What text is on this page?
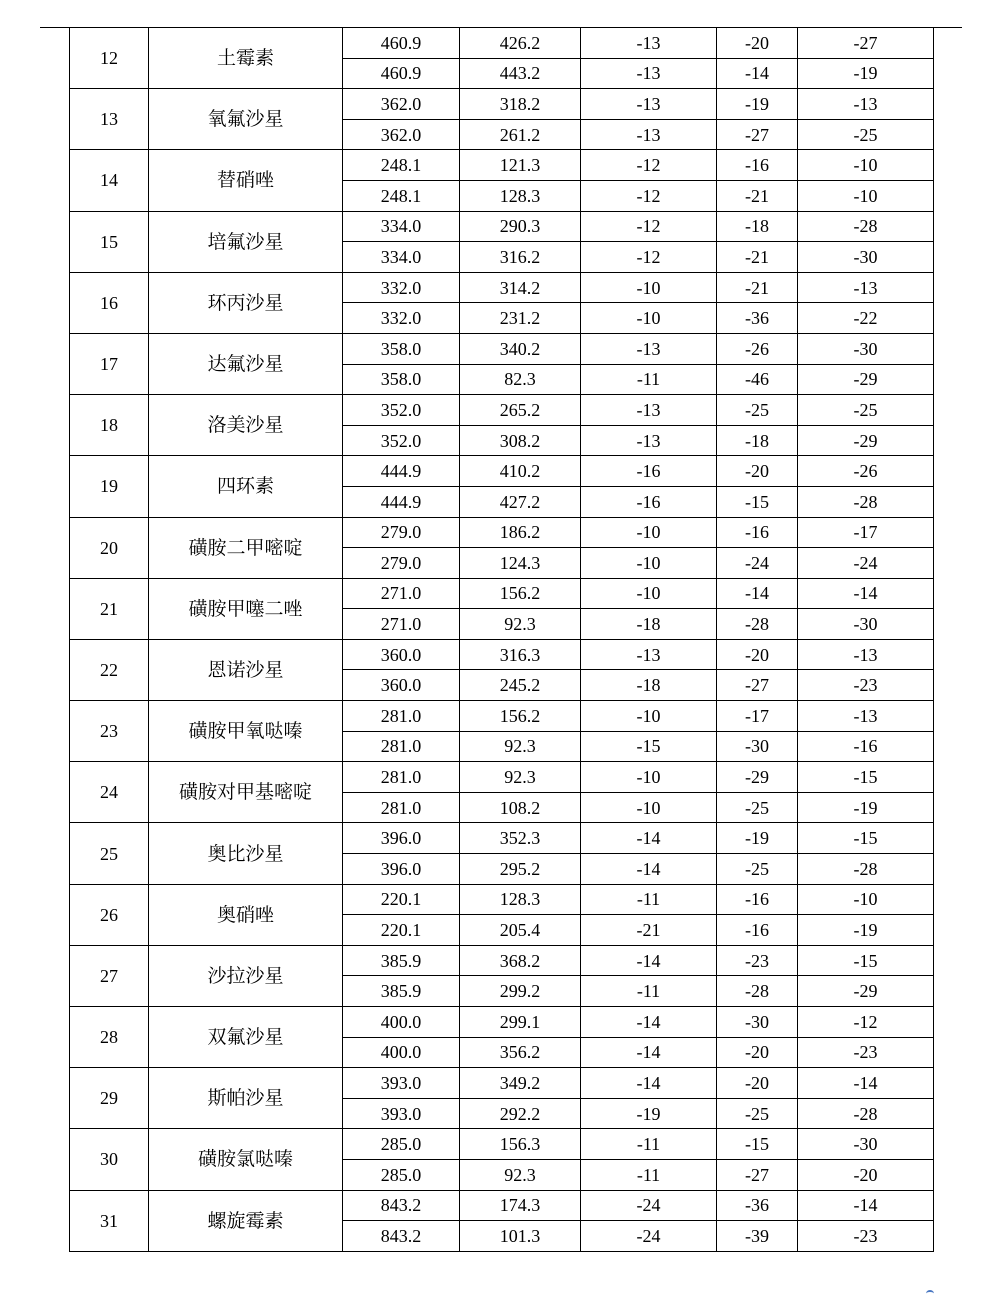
12	土霉素	460.9	426.2	-13	-20	-27
		460.9	443.2	-13	-14	-19
13	氧氟沙星	362.0	318.2	-13	-19	-13
		362.0	261.2	-13	-27	-25
14	替硝唑	248.1	121.3	-12	-16	-10
		248.1	128.3	-12	-21	-10
15	培氟沙星	334.0	290.3	-12	-18	-28
		334.0	316.2	-12	-21	-30
16	环丙沙星	332.0	314.2	-10	-21	-13
		332.0	231.2	-10	-36	-22
17	达氟沙星	358.0	340.2	-13	-26	-30
		358.0	82.3	-11	-46	-29
18	洛美沙星	352.0	265.2	-13	-25	-25
		352.0	308.2	-13	-18	-29
19	四环素	444.9	410.2	-16	-20	-26
		444.9	427.2	-16	-15	-28
20	磺胺二甲嘧啶	279.0	186.2	-10	-16	-17
		279.0	124.3	-10	-24	-24
21	磺胺甲噻二唑	271.0	156.2	-10	-14	-14
		271.0	92.3	-18	-28	-30
22	恩诺沙星	360.0	316.3	-13	-20	-13
		360.0	245.2	-18	-27	-23
23	磺胺甲氧哒嗪	281.0	156.2	-10	-17	-13
		281.0	92.3	-15	-30	-16
24	磺胺对甲基嘧啶	281.0	92.3	-10	-29	-15
		281.0	108.2	-10	-25	-19
25	奥比沙星	396.0	352.3	-14	-19	-15
		396.0	295.2	-14	-25	-28
26	奥硝唑	220.1	128.3	-11	-16	-10
		220.1	205.4	-21	-16	-19
27	沙拉沙星	385.9	368.2	-14	-23	-15
		385.9	299.2	-11	-28	-29
28	双氟沙星	400.0	299.1	-14	-30	-12
		400.0	356.2	-14	-20	-23
29	斯帕沙星	393.0	349.2	-14	-20	-14
		393.0	292.2	-19	-25	-28
30	磺胺氯哒嗪	285.0	156.3	-11	-15	-30
		285.0	92.3	-11	-27	-20
31	螺旋霉素	843.2	174.3	-24	-36	-14
		843.2	101.3	-24	-39	-23
